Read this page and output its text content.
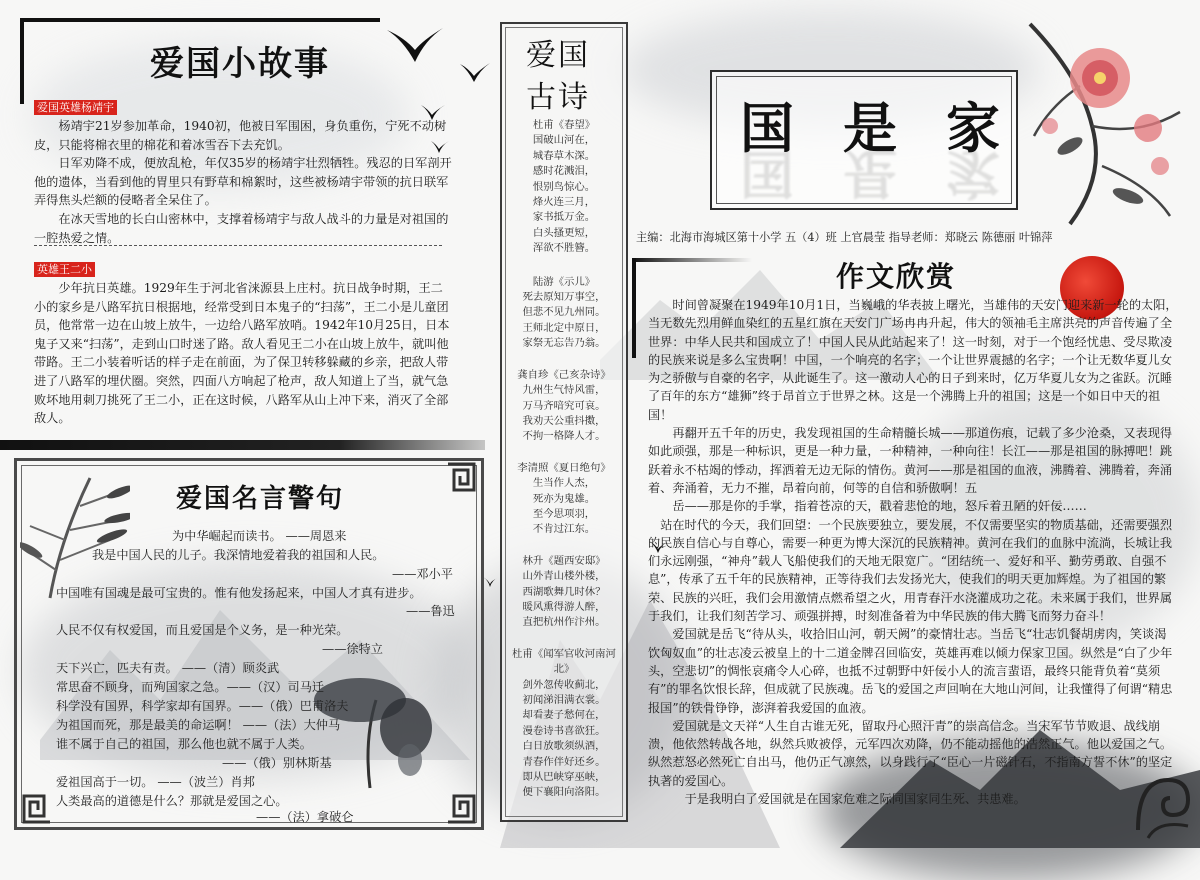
爱国小故事
爱国英雄杨靖宇

杨靖宇21岁参加革命，1940初，他被日军围困，身负重伤，宁死不动树皮，只能将棉衣里的棉花和着冰雪吞下去充饥。

日军劝降不成，便放乱枪，年仅35岁的杨靖宇壮烈牺牲。残忍的日军剖开他的遗体，当看到他的胃里只有野草和棉絮时，这些被杨靖宇带领的抗日联军弄得焦头烂额的侵略者全呆住了。

在冰天雪地的长白山密林中，支撑着杨靖宇与敌人战斗的力量是对祖国的一腔热爱之情。

英雄王二小

少年抗日英雄。1929年生于河北省涞源县上庄村。抗日战争时期，王二小的家乡是八路军抗日根据地，经常受到日本鬼子的“扫荡”，王二小是儿童团员，他常常一边在山坡上放牛，一边给八路军放哨。1942年10月25日，日本鬼子又来“扫荡”，走到山口时迷了路。敌人看见王二小在山坡上放牛，就叫他带路。王二小装着听话的样子走在前面，为了保卫转移躲藏的乡亲，把敌人带进了八路军的埋伏圈。突然，四面八方响起了枪声，敌人知道上了当，就气急败坏地用刺刀挑死了王二小，正在这时候，八路军从山上冲下来，消灭了全部敌人。

爱国名言警句
为中华崛起而读书。 ——周恩来
我是中国人民的儿子。我深情地爱着我的祖国和人民。
——邓小平
中国唯有国魂是最可宝贵的。惟有他发扬起来，中国人才真有进步。
——鲁迅
人民不仅有权爱国，而且爱国是个义务，是一种光荣。
——徐特立
天下兴亡，匹夫有责。 ——（清）顾炎武
常思奋不顾身，而殉国家之急。——（汉）司马迁
科学没有国界，科学家却有国界。——（俄）巴甫洛夫
为祖国而死，那是最美的命运啊！ ——（法）大仲马
谁不属于自己的祖国，那么他也就不属于人类。
——（俄）别林斯基
爱祖国高于一切。 ——（波兰）肖邦
人类最高的道德是什么？那就是爱国之心。
——（法）拿破仑
爱国
古诗
杜甫《春望》
国破山河在，
城春草木深。
感时花溅泪，
恨别鸟惊心。
烽火连三月，
家书抵万金。
白头搔更短，
浑欲不胜簪。
陆游《示儿》
死去原知万事空，
但悲不见九州同。
王师北定中原日，
家祭无忘告乃翁。
龚自珍《己亥杂诗》
九州生气恃风雷，
万马齐喑究可哀。
我劝天公重抖擞，
不拘一格降人才。
李清照《夏日绝句》
生当作人杰，
死亦为鬼雄。
至今思项羽，
不肯过江东。
林升《题西安邸》
山外青山楼外楼，
西湖歌舞几时休？
暖风熏得游人醉，
直把杭州作汴州。
杜甫《闻军官收河南河北》
剑外忽传收蓟北，
初闻涕泪满衣裳。
却看妻子愁何在，
漫卷诗书喜欲狂。
白日放歌须纵酒，
青春作伴好还乡。
即从巴峡穿巫峡，
便下襄阳向洛阳。
国 是 家
国 是 家
主编：北海市海城区第十小学 五（4）班 上官晨莹 指导老师：郑晓云 陈德丽 叶锦萍
作文欣赏

时间曾凝聚在1949年10月1日，当巍峨的华表披上曙光，当雄伟的天安门迎来新一轮的太阳，当无数先烈用鲜血染红的五星红旗在天安门广场冉冉升起，伟大的领袖毛主席洪亮的声音传遍了全世界：中华人民共和国成立了！中国人民从此站起来了！这一时刻，对于一个饱经忧患、受尽欺凌的民族来说是多么宝贵啊！中国，一个响亮的名字；一个让世界震撼的名字；一个让无数华夏儿女为之骄傲与自豪的名字，从此诞生了。这一激动人心的日子到来时，亿万华夏儿女为之雀跃。沉睡了百年的东方“雄狮”终于昂首立于世界之林。这是一个沸腾上升的祖国；这是一个如日中天的祖国！

再翻开五千年的历史，我发现祖国的生命精髓长城——那道伤痕，记载了多少沧桑，又表现得如此顽强，那是一种标识，更是一种力量，一种精神，一种向往！长江——那是祖国的脉搏吧！跳跃着永不枯竭的悸动，挥洒着无边无际的情伤。黄河——那是祖国的血液，沸腾着、沸腾着，奔涌着、奔涌着，无力不摧，昂着向前，何等的自信和骄傲啊！五

岳——那是你的手掌，指着苍凉的天，戳着悲怆的地，怒斥着丑陋的奸佞……

站在时代的今天，我们回望：一个民族要独立，要发展，不仅需要坚实的物质基础，还需要强烈的民族自信心与自尊心，需要一种更为博大深沉的民族精神。黄河在我们的血脉中流淌，长城让我们永远刚强，“神舟”载人飞船使我们的天地无限宽广。“团结统一、爱好和平、勤劳勇敢、自强不息”，传承了五千年的民族精神，正等待我们去发扬光大，使我们的明天更加辉煌。为了祖国的繁荣、民族的兴旺，我们会用激情点燃希望之火，用青春汗水浇灌成功之花。未来属于我们，世界属于我们，让我们刻苦学习、顽强拼搏，时刻准备着为中华民族的伟大腾飞而努力奋斗！

爱国就是岳飞“待从头，收拾旧山河，朝天阙”的豪情壮志。当岳飞“壮志饥餐胡虏肉，笑谈渴饮匈奴血”的壮志凌云被皇上的十二道金牌召回临安，英雄再难以倾力保家卫国。纵然是“白了少年头，空悲切”的惆怅哀痛令人心碎，也抵不过朝野中奸佞小人的流言蜚语，最终只能背负着“莫须有”的罪名饮恨长辞，但成就了民族魂。岳飞的爱国之声回响在大地山河间，让我懂得了何谓“精忠报国”的铁骨铮铮，澎湃着我爱国的血液。

爱国就是文天祥“人生自古谁无死，留取丹心照汗青”的崇高信念。当宋军节节败退、战线崩溃，他依然转战各地，纵然兵败被俘，元军四次劝降，仍不能动摇他的浩然正气。他以爱国之气。纵然惹怒必然死亡自出马，他仍正气凛然，以身践行了“臣心一片磁针石，不指南方誓不休”的坚定执著的爱国心。

于是我明白了爱国就是在国家危难之际同国家同生死、共患难。
